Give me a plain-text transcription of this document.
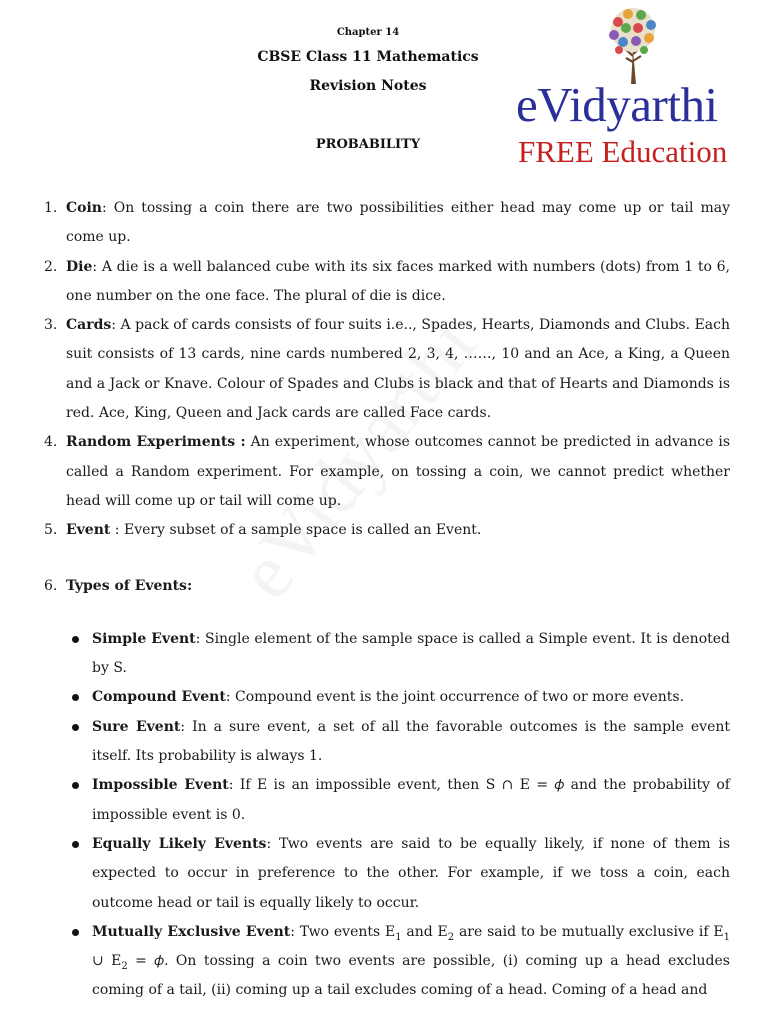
Chapter 14
CBSE Class 11 Mathematics
Revision Notes
PROBABILITY
eVidyarthi
FREE Education
1. Coin: On tossing a coin there are two possibilities either head may come up or tail may come up.
2. Die: A die is a well balanced cube with its six faces marked with numbers (dots) from 1 to 6, one number on the one face. The plural of die is dice.
3. Cards: A pack of cards consists of four suits i.e.., Spades, Hearts, Diamonds and Clubs. Each suit consists of 13 cards, nine cards numbered 2, 3, 4, ……, 10 and an Ace, a King, a Queen and a Jack or Knave. Colour of Spades and Clubs is black and that of Hearts and Diamonds is red. Ace, King, Queen and Jack cards are called Face cards.
4. Random Experiments : An experiment, whose outcomes cannot be predicted in advance is called a Random experiment. For example, on tossing a coin, we cannot predict whether head will come up or tail will come up.
5. Event : Every subset of a sample space is called an Event.
6. Types of Events:
Simple Event: Single element of the sample space is called a Simple event. It is denoted by S.
Compound Event: Compound event is the joint occurrence of two or more events.
Sure Event: In a sure event, a set of all the favorable outcomes is the sample event itself. Its probability is always 1.
Impossible Event: If E is an impossible event, then S ∩ E = 𝜙 and the probability of impossible event is 0.
Equally Likely Events: Two events are said to be equally likely, if none of them is expected to occur in preference to the other. For example, if we toss a coin, each outcome head or tail is equally likely to occur.
Mutually Exclusive Event: Two events $E_1$ and $E_2$ are said to be mutually exclusive if $E_1$ ∪ $E_2$ = 𝜙. On tossing a coin two events are possible, (i) coming up a head excludes coming of a tail, (ii) coming up a tail excludes coming of a head. Coming of a head and
